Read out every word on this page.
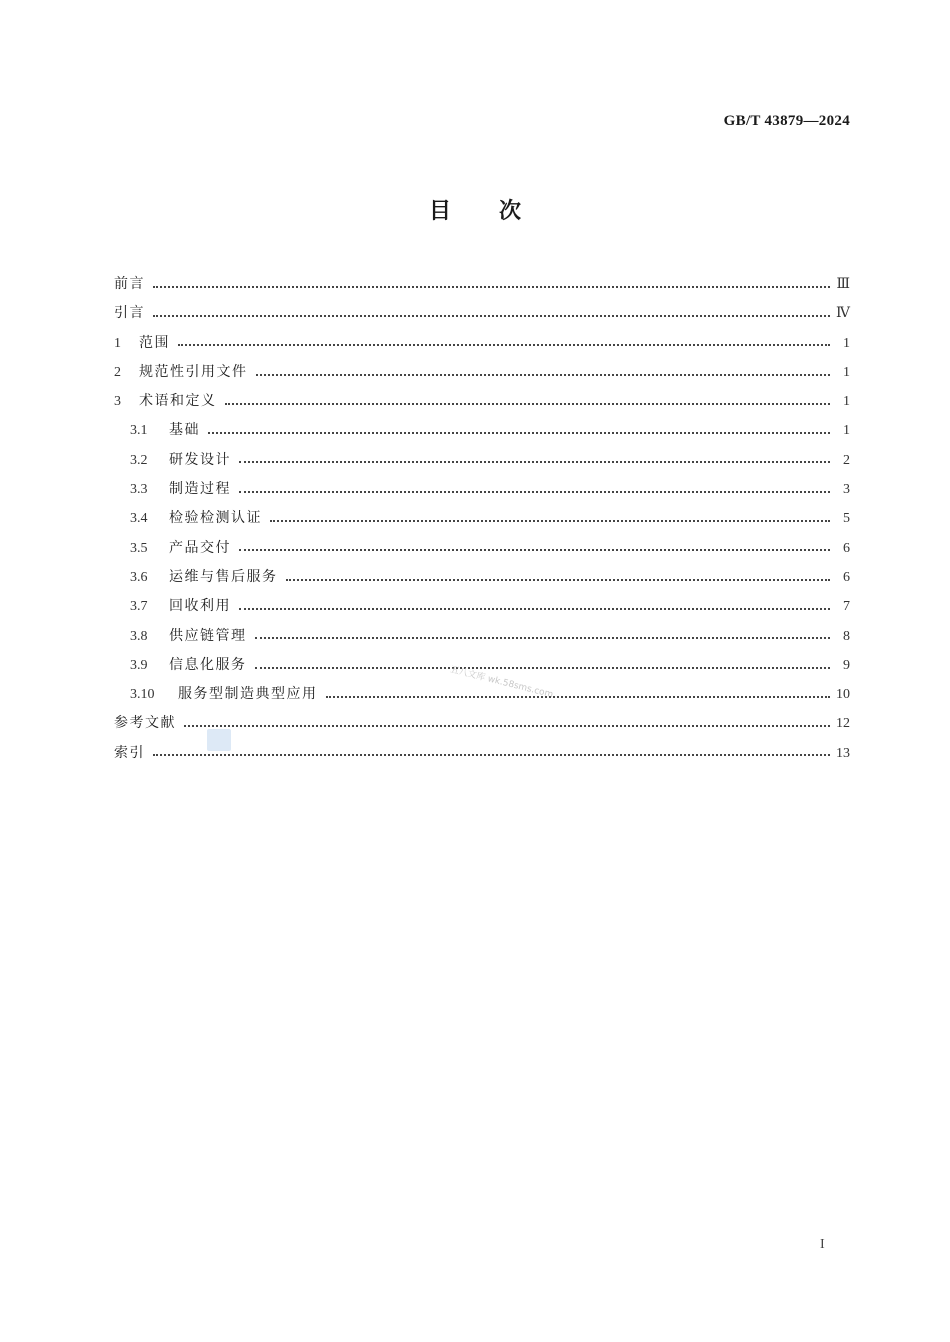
GB/T 43879—2024
目次
前言	Ⅲ
引言	Ⅳ
1	范围	1
2	规范性引用文件	1
3	术语和定义	1
3.1	基础	1
3.2	研发设计	2
3.3	制造过程	3
3.4	检验检测认证	5
3.5	产品交付	6
3.6	运维与售后服务	6
3.7	回收利用	7
3.8	供应链管理	8
3.9	信息化服务	9
3.10	服务型制造典型应用	10
参考文献	12
索引	13
五八文库 wk.58sms.com
I
